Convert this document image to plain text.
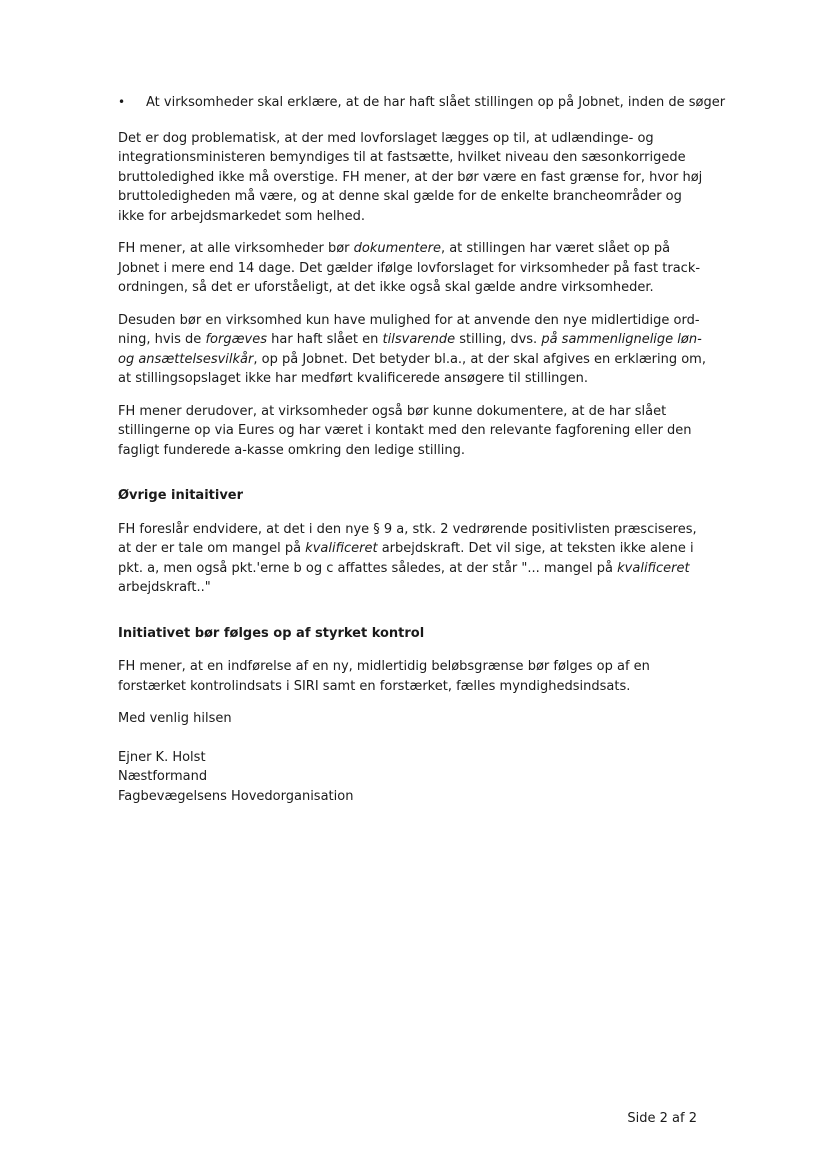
•	At virksomheder skal erklære, at de har haft slået stillingen op på Jobnet, inden de søger

Det er dog problematisk, at der med lovforslaget lægges op til, at udlændinge- og integrationsministeren bemyndiges til at fastsætte, hvilket niveau den sæsonkorrigede bruttoledighed ikke må overstige. FH mener, at der bør være en fast grænse for, hvor høj bruttoledigheden må være, og at denne skal gælde for de enkelte brancheområder og ikke for arbejdsmarkedet som helhed.

FH mener, at alle virksomheder bør dokumentere, at stillingen har været slået op på Jobnet i mere end 14 dage. Det gælder ifølge lovforslaget for virksomheder på fast track-ordningen, så det er uforståeligt, at det ikke også skal gælde andre virksomheder.

Desuden bør en virksomhed kun have mulighed for at anvende den nye midlertidige ordning, hvis de forgæves har haft slået en tilsvarende stilling, dvs. på sammenlignelige løn- og ansættelsesvilkår, op på Jobnet. Det betyder bl.a., at der skal afgives en erklæring om, at stillingsopslaget ikke har medført kvalificerede ansøgere til stillingen.

FH mener derudover, at virksomheder også bør kunne dokumentere, at de har slået stillingerne op via Eures og har været i kontakt med den relevante fagforening eller den fagligt funderede a-kasse omkring den ledige stilling.

Øvrige initaitiver

FH foreslår endvidere, at det i den nye § 9 a, stk. 2 vedrørende positivlisten præsciseres, at der er tale om mangel på kvalificeret arbejdskraft. Det vil sige, at teksten ikke alene i pkt. a, men også pkt.'erne b og c affattes således, at der står "... mangel på kvalificeret arbejdskraft.."

Initiativet bør følges op af styrket kontrol

FH mener, at en indførelse af en ny, midlertidig beløbsgrænse bør følges op af en forstærket kontrolindsats i SIRI samt en forstærket, fælles myndighedsindsats.

Med venlig hilsen

Ejner K. Holst
Næstformand
Fagbevægelsens Hovedorganisation
Side 2 af 2
